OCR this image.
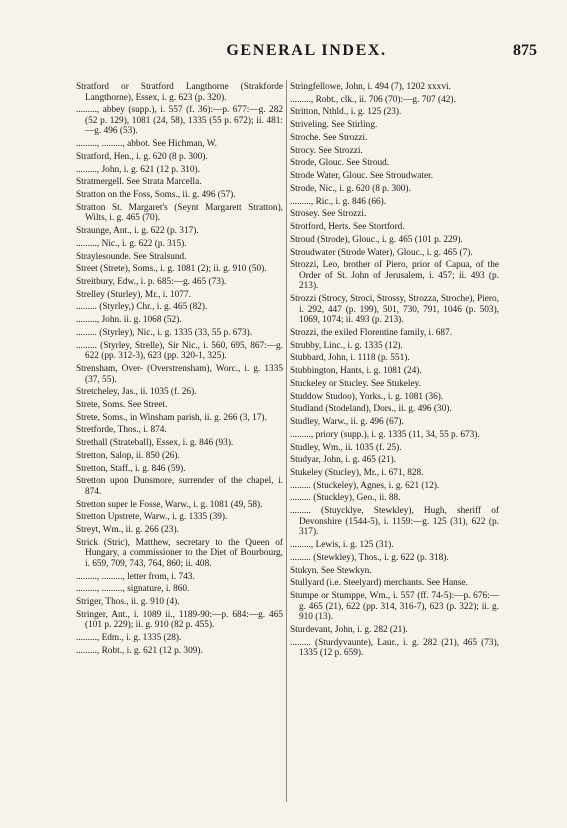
GENERAL INDEX.	875

Stratford or Stratford Langthorne (Strakforde Langthorne), Essex, i. g. 623 (p. 320).

........., abbey (supp.), i. 557 (f. 36):—p. 677:—g. 282 (52 p. 129), 1081 (24, 58), 1335 (55 p. 672); ii. 481:—g. 496 (53).

........., ........., abbot. See Hichman, W.

Stratford, Hen., i. g. 620 (8 p. 300).

........., John, i. g. 621 (12 p. 310).

Stratmergell. See Strata Marcella.

Stratton on the Foss, Soms., ii. g. 496 (57).

Stratton St. Margaret's (Seynt Margarett Stratton), Wilts, i. g. 465 (70).

Straunge, Ant., i. g. 622 (p. 317).

........., Nic., i. g. 622 (p. 315).

Straylesounde. See Stralsund.

Street (Strete), Soms., i. g. 1081 (2); ii. g. 910 (50).

Streitbury, Edw., i. p. 685:—g. 465 (73).

Strelley (Sturley), Mr., i. 1077.

......... (Styrley,) Chr., i. g. 465 (82).

........., John. ii. g. 1068 (52).

......... (Styrley), Nic., i. g. 1335 (33, 55 p. 673).

......... (Styrley, Strelle), Sir Nic., i. 560, 695, 867:—g. 622 (pp. 312-3), 623 (pp. 320-1, 325).

Strensham, Over- (Overstrensham), Worc., i. g. 1335 (37, 55).

Stretcheley, Jas., ii. 1035 (f. 26).

Strete, Soms. See Street.

Strete, Soms., in Winsham parish, ii. g. 266 (3, 17).

Stretforde, Thos., i. 874.

Strethall (Strateball), Essex, i. g. 846 (93).

Stretton, Salop, ii. 850 (26).

Stretton, Staff., i. g. 846 (59).

Stretton upon Dunsmore, surrender of the chapel, i. 874.

Stretton super le Fosse, Warw., i. g. 1081 (49, 58).

Stretton Upstrete, Warw., i. g. 1335 (39).

Streyt, Wm., ii. g. 266 (23).

Strick (Stric), Matthew, secretary to the Queen of Hungary, a commissioner to the Diet of Bourbourg, i. 659, 709, 743, 764, 860; ii. 408.

........., ........., letter from, i. 743.

........., ........., signature, i. 860.

Striger, Thos., ii. g. 910 (4).

Stringer, Ant., i. 1089 ii., 1189-90:—p. 684:—g. 465 (101 p. 229); ii. g. 910 (82 p. 455).

........., Edm., i. g. 1335 (28).

........., Robt., i. g. 621 (12 p. 309).

Stringfellowe, John, i. 494 (7), 1202 xxxvi.

........., Robt., clk., ii. 706 (70):—g. 707 (42).

Stritton, Nthld., i. g. 125 (23).

Striveling. See Stirling.

Stroche. See Strozzi.

Strocy. See Strozzi.

Strode, Glouc. See Stroud.

Strode Water, Glouc. See Stroudwater.

Strode, Nic., i. g. 620 (8 p. 300).

........., Ric., i. g. 846 (66).

Strosey. See Strozzi.

Strotford, Herts. See Stortford.

Stroud (Strode), Glouc., i. g. 465 (101 p. 229).

Stroudwater (Strode Water), Glouc., i. g. 465 (7).

Strozzi, Leo, brother of Piero, prior of Capua, of the Order of St. John of Jerusalem, i. 457; ii. 493 (p. 213).

Strozzi (Strocy, Stroci, Strossy, Strozza, Stroche), Piero, i. 292, 447 (p. 199), 501, 730, 791, 1046 (p. 503), 1069, 1074; ii. 493 (p. 213).

Strozzi, the exiled Florentine family, i. 687.

Strubby, Linc., i. g. 1335 (12).

Stubbard, John, i. 1118 (p. 551).

Stubbington, Hants, i. g. 1081 (24).

Stuckeley or Stucley. See Stukeley.

Studdow Studoo), Yorks., i. g. 1081 (36).

Studland (Stodeland), Dors., ii. g. 496 (30).

Studley, Warw., ii. g. 496 (67).

........., priory (supp.), i. g. 1335 (11, 34, 55 p. 673).

Studley, Wm., ii. 1035 (f. 25).

Studyar, John, i. g. 465 (21).

Stukeley (Stucley), Mr., i. 671, 828.

......... (Stuckeley), Agnes, i. g. 621 (12).

......... (Stuckley), Geo., ii. 88.

......... (Stuycklye, Stewkley), Hugh, sheriff of Devonshire (1544-5), i. 1159:—g. 125 (31), 622 (p. 317).

........., Lewis, i. g. 125 (31).

......... (Stewkley), Thos., i. g. 622 (p. 318).

Stukyn. See Stewkyn.

Stullyard (i.e. Steelyard) merchants. See Hanse.

Stumpe or Stumppe, Wm., i. 557 (ff. 74-5):—p. 676:—g. 465 (21), 622 (pp. 314, 316-7), 623 (p. 322); ii. g. 910 (13).

Sturdevant, John, i. g. 282 (21).

......... (Sturdyvaunte), Laur., i. g. 282 (21), 465 (73), 1335 (12 p. 659).
